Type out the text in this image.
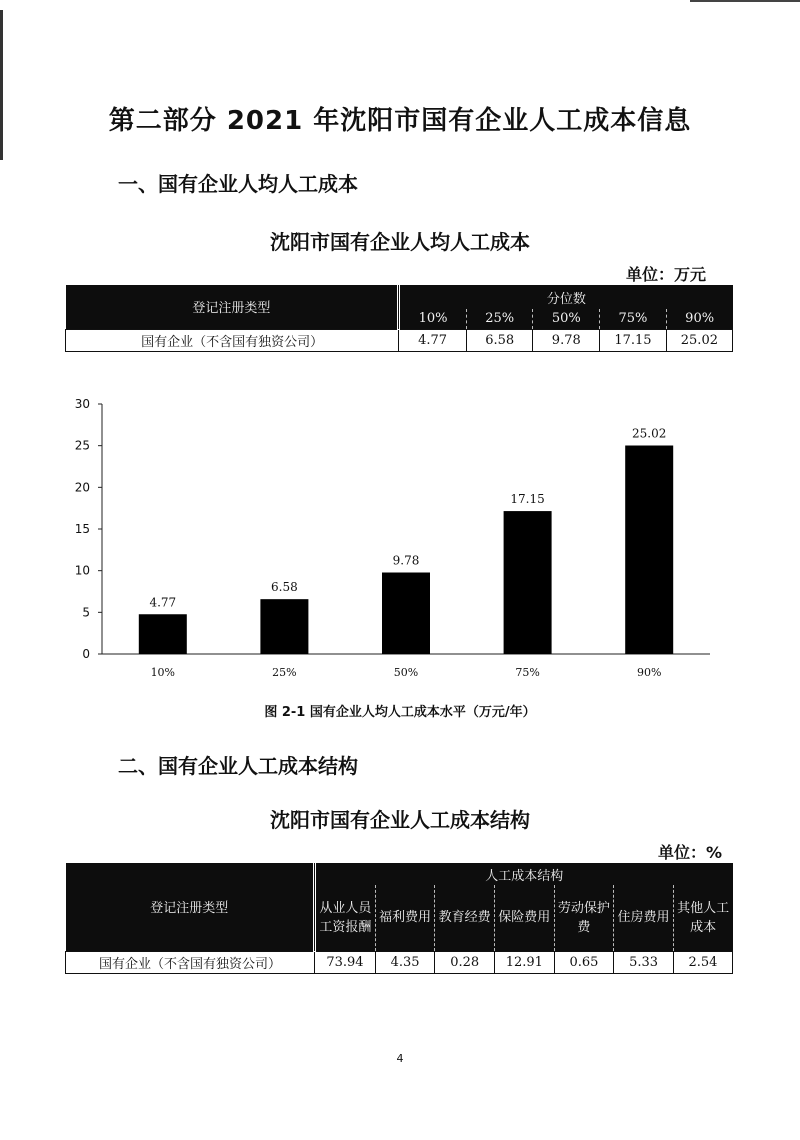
第二部分 2021 年沈阳市国有企业人工成本信息
一、国有企业人均人工成本
沈阳市国有企业人均人工成本
单位：万元
登记注册类型	分位数				
	10%	25%	50%	75%	90%
国有企业（不含国有独资公司）	4.77	6.58	9.78	17.15	25.02
0
5
10
15
20
25
30
4.77
10%
6.58
25%
9.78
50%
17.15
75%
25.02
90%
图 2-1 国有企业人均人工成本水平（万元/年）
二、国有企业人工成本结构
沈阳市国有企业人工成本结构
单位：%
登记注册类型	人工成本结构						
	从业人员工资报酬	福利费用	教育经费	保险费用	劳动保护费	住房费用	其他人工成本
国有企业（不含国有独资公司）	73.94	4.35	0.28	12.91	0.65	5.33	2.54
4
